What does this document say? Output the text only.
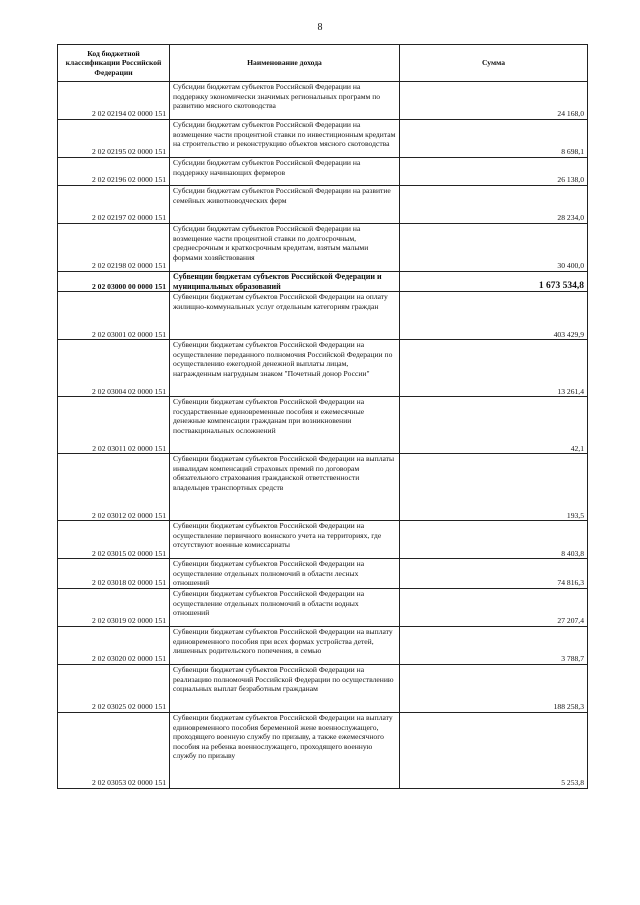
8
Код бюджетной классификации Российской Федерации	Наименование дохода	Сумма
2 02 02194 02 0000 151	Субсидии бюджетам субъектов Российской Федерации на поддержку экономически значимых региональных программ по развитию мясного скотоводства	24 168,0
2 02 02195 02 0000 151	Субсидии бюджетам субъектов Российской Федерации на возмещение части процентной ставки по инвестиционным кредитам на строительство и реконструкцию объектов мясного скотоводства	8 698,1
2 02 02196 02 0000 151	Субсидии бюджетам субъектов Российской Федерации на поддержку начинающих фермеров	26 138,0
2 02 02197 02 0000 151	Субсидии бюджетам субъектов Российской Федерации на развитие семейных животноводческих ферм	28 234,0
2 02 02198 02 0000 151	Субсидии бюджетам субъектов Российской Федерации на возмещение части процентной ставки по долгосрочным, среднесрочным и краткосрочным кредитам, взятым малыми формами хозяйствования	30 400,0
2 02 03000 00 0000 151	Субвенции бюджетам субъектов Российской Федерации и муниципальных образований	1 673 534,8
2 02 03001 02 0000 151	Субвенции бюджетам субъектов Российской Федерации на оплату жилищно-коммунальных услуг отдельным категориям граждан	403 429,9
2 02 03004 02 0000 151	Субвенции бюджетам субъектов Российской Федерации на осуществление переданного полномочия Российской Федерации по осуществлению ежегодной денежной выплаты лицам, награжденным нагрудным знаком "Почетный донор России"	13 261,4
2 02 03011 02 0000 151	Субвенции бюджетам субъектов Российской Федерации на государственные единовременные пособия и ежемесячные денежные компенсации гражданам при возникновении поствакцинальных осложнений	42,1
2 02 03012 02 0000 151	Субвенции бюджетам субъектов Российской Федерации на выплаты инвалидам компенсаций страховых премий по договорам обязательного страхования гражданской ответственности владельцев транспортных средств	193,5
2 02 03015 02 0000 151	Субвенции бюджетам субъектов Российской Федерации на осуществление первичного воинского учета на территориях, где отсутствуют военные комиссариаты	8 403,8
2 02 03018 02 0000 151	Субвенции бюджетам субъектов Российской Федерации на осуществление отдельных полномочий в области лесных отношений	74 816,3
2 02 03019 02 0000 151	Субвенции бюджетам субъектов Российской Федерации на осуществление отдельных полномочий в области водных отношений	27 207,4
2 02 03020 02 0000 151	Субвенции бюджетам субъектов Российской Федерации на выплату единовременного пособия при всех формах устройства детей, лишенных родительского попечения, в семью	3 788,7
2 02 03025 02 0000 151	Субвенции бюджетам субъектов Российской Федерации на реализацию полномочий Российской Федерации по осуществлению социальных выплат безработным гражданам	188 258,3
2 02 03053 02 0000 151	Субвенции бюджетам субъектов Российской Федерации на выплату единовременного пособия беременной жене военнослужащего, проходящего военную службу по призыву, а также ежемесячного пособия на ребенка военнослужащего, проходящего военную службу по призыву	5 253,8
